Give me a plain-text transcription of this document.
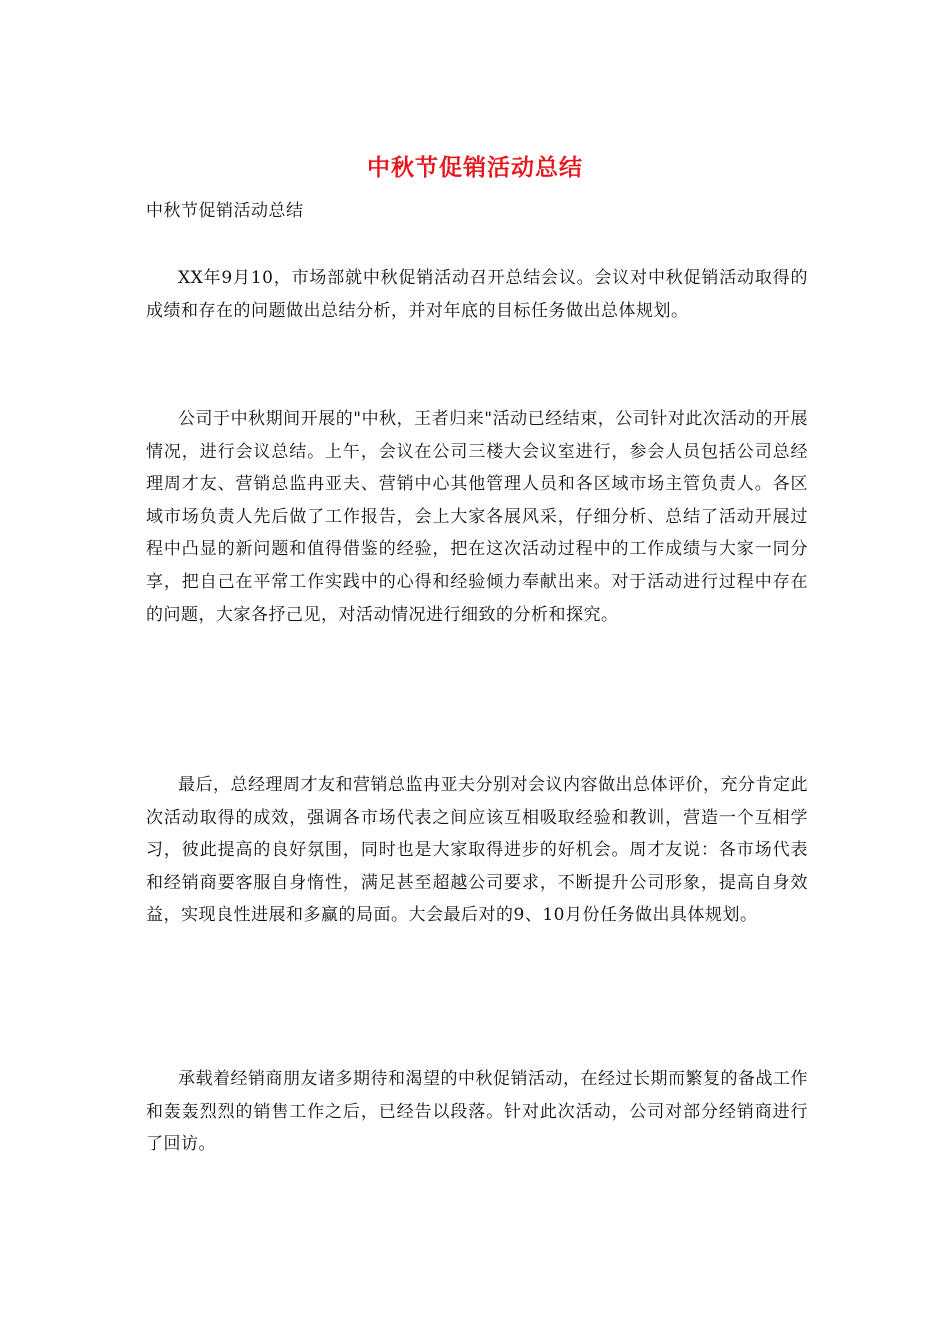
中秋节促销活动总结
中秋节促销活动总结

XX年9月10，市场部就中秋促销活动召开总结会议。会议对中秋促销活动取得的成绩和存在的问题做出总结分析，并对年底的目标任务做出总体规划。

公司于中秋期间开展的"中秋，王者归来"活动已经结束，公司针对此次活动的开展情况，进行会议总结。上午，会议在公司三楼大会议室进行，参会人员包括公司总经理周才友、营销总监冉亚夫、营销中心其他管理人员和各区域市场主管负责人。各区域市场负责人先后做了工作报告，会上大家各展风采，仔细分析、总结了活动开展过程中凸显的新问题和值得借鉴的经验，把在这次活动过程中的工作成绩与大家一同分享，把自己在平常工作实践中的心得和经验倾力奉献出来。对于活动进行过程中存在的问题，大家各抒己见，对活动情况进行细致的分析和探究。

最后，总经理周才友和营销总监冉亚夫分别对会议内容做出总体评价，充分肯定此次活动取得的成效，强调各市场代表之间应该互相吸取经验和教训，营造一个互相学习，彼此提高的良好氛围，同时也是大家取得进步的好机会。周才友说：各市场代表和经销商要客服自身惰性，满足甚至超越公司要求，不断提升公司形象，提高自身效益，实现良性进展和多赢的局面。大会最后对的9、10月份任务做出具体规划。

承载着经销商朋友诸多期待和渴望的中秋促销活动，在经过长期而繁复的备战工作和轰轰烈烈的销售工作之后，已经告以段落。针对此次活动，公司对部分经销商进行了回访。
